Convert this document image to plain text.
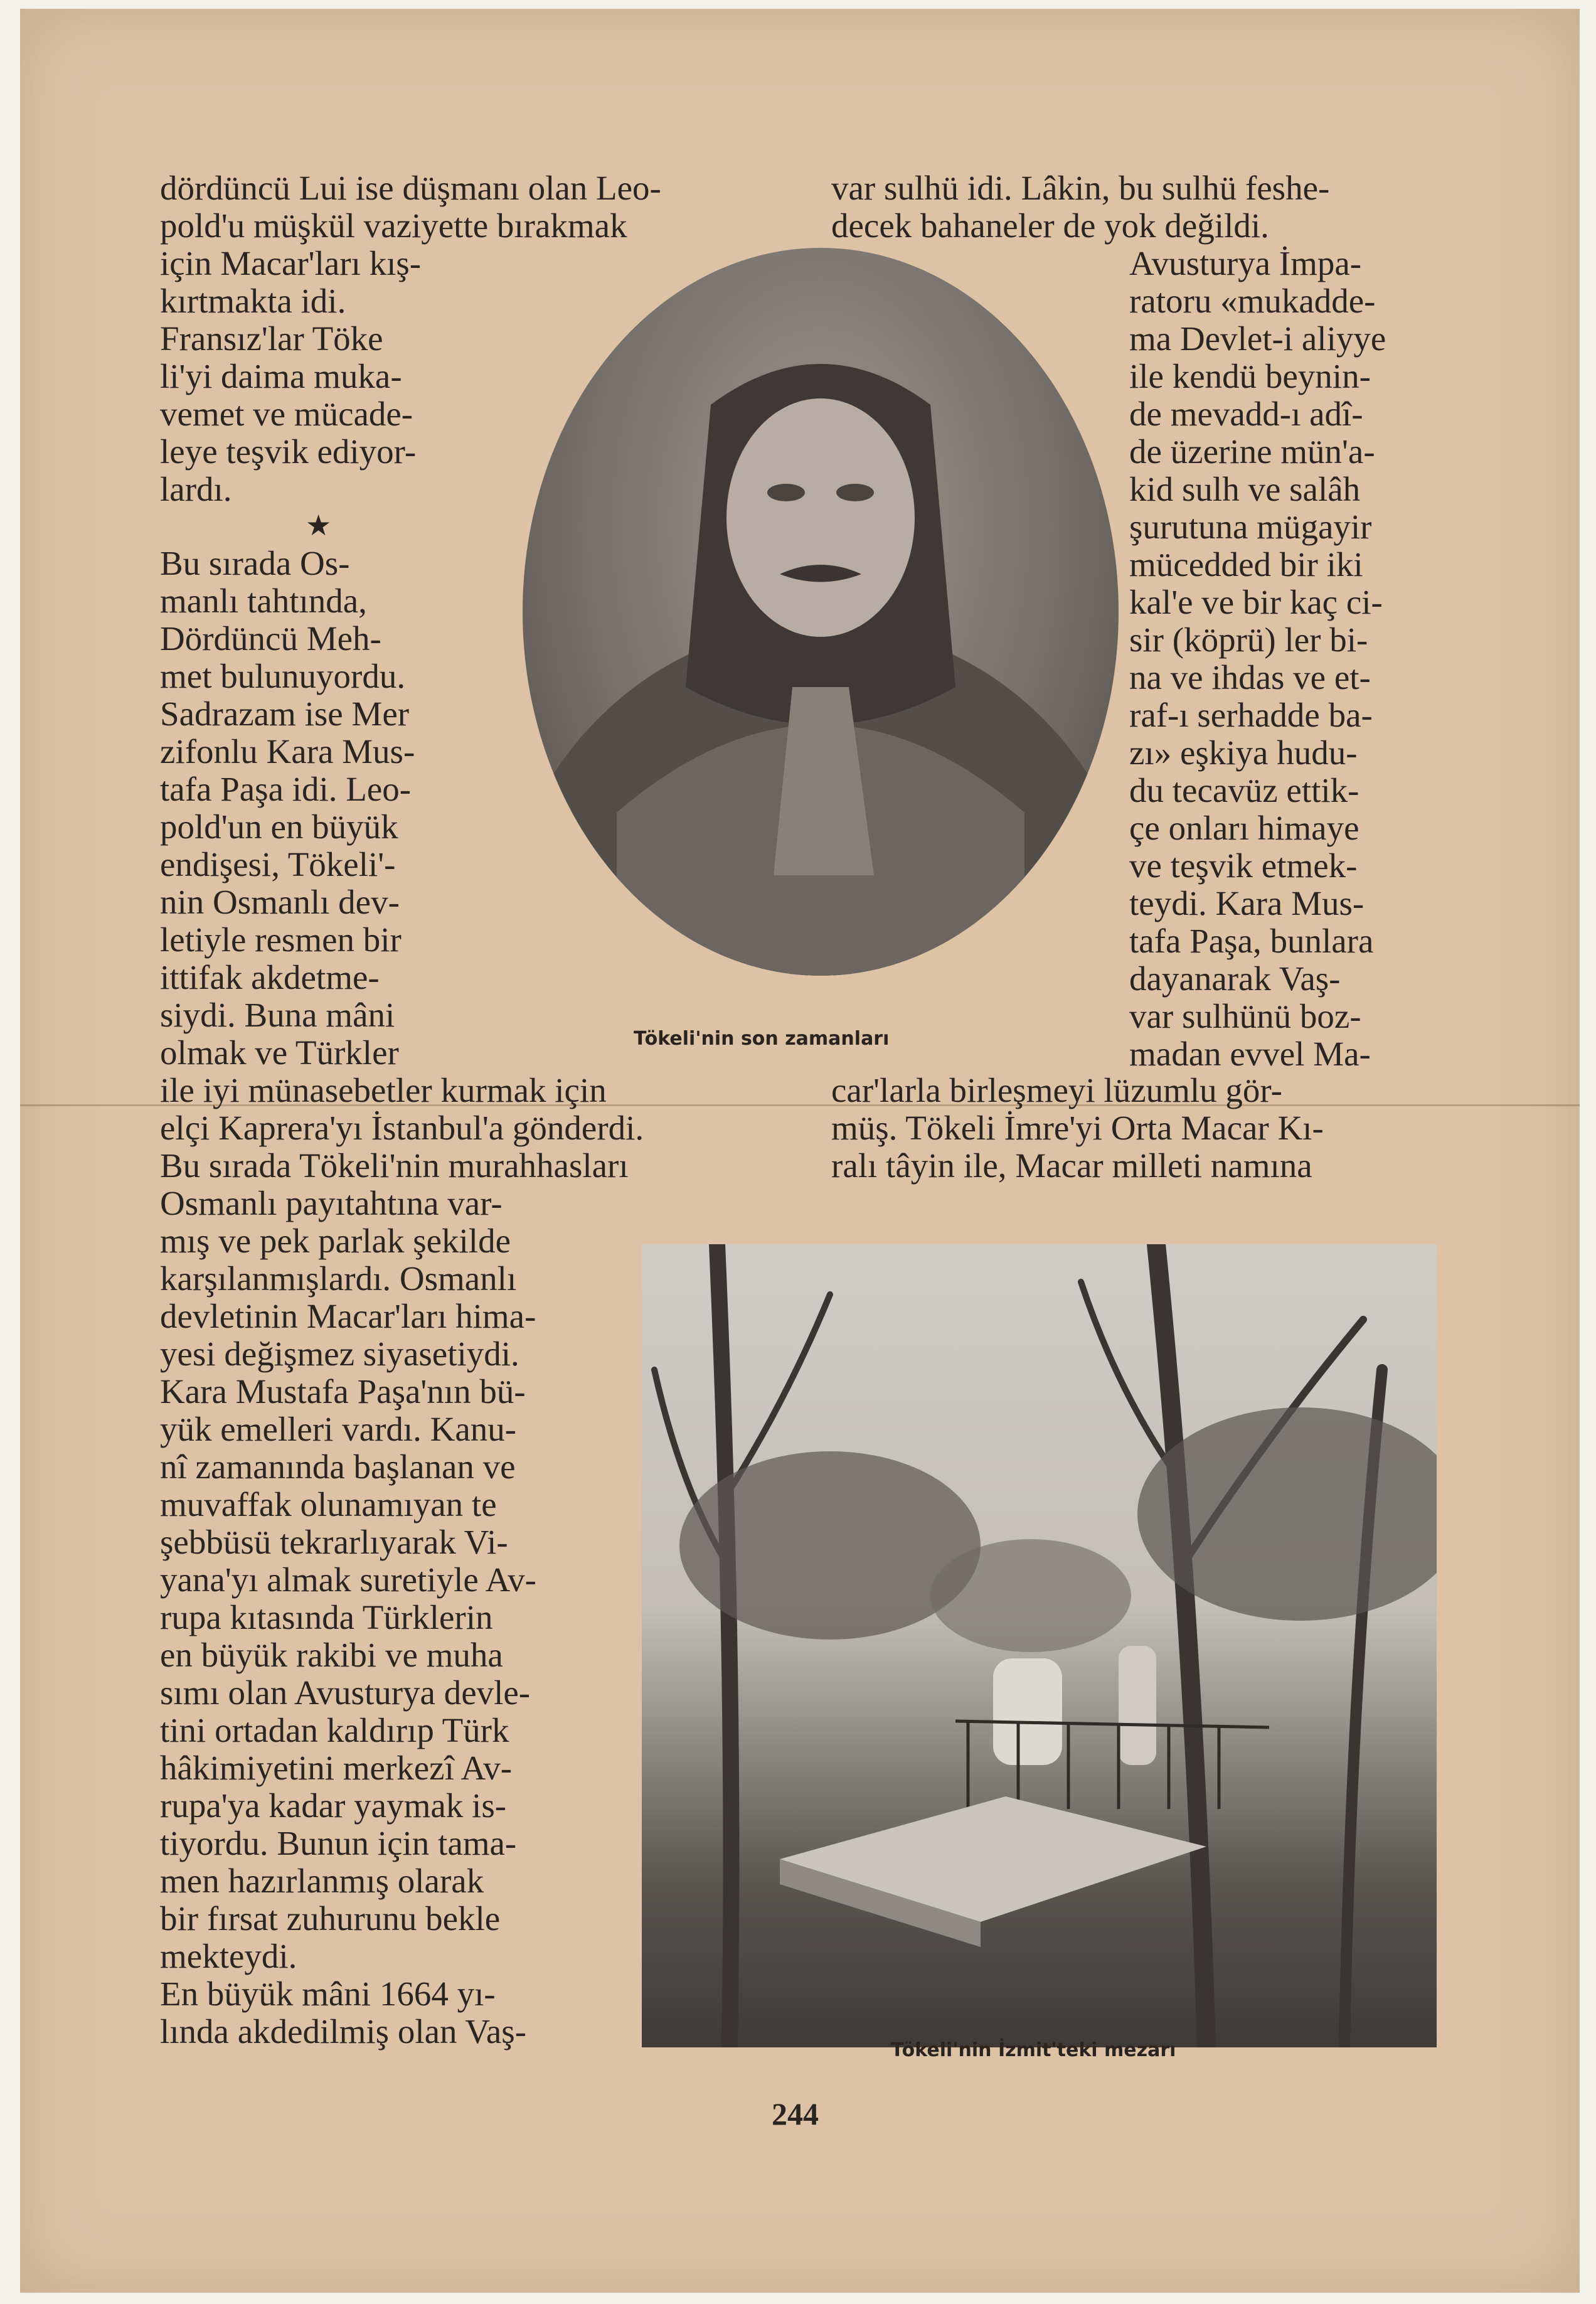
dördüncü Lui ise düşmanı olan Leo-
pold'u müşkül vaziyette bırakmak
için Macar'ları kış-
kırtmakta idi.
Fransız'lar Töke
li'yi daima muka-
vemet ve mücade-
leye teşvik ediyor-
lardı.
★
Bu sırada Os-
manlı tahtında,
Dördüncü Meh-
met bulunuyordu.
Sadrazam ise Mer
zifonlu Kara Mus-
tafa Paşa idi. Leo-
pold'un en büyük
endişesi, Tökeli'-
nin Osmanlı dev-
letiyle resmen bir
ittifak akdetme-
siydi. Buna mâni
olmak ve Türkler
ile iyi münasebetler kurmak için
elçi Kaprera'yı İstanbul'a gönderdi.
Bu sırada Tökeli'nin murahhasları
Osmanlı payıtahtına var-
mış ve pek parlak şekilde
karşılanmışlardı. Osmanlı
devletinin Macar'ları hima-
yesi değişmez siyasetiydi.
Kara Mustafa Paşa'nın bü-
yük emelleri vardı. Kanu-
nî zamanında başlanan ve
muvaffak olunamıyan te
şebbüsü tekrarlıyarak Vi-
yana'yı almak suretiyle Av-
rupa kıtasında Türklerin
en büyük rakibi ve muha
sımı olan Avusturya devle-
tini ortadan kaldırıp Türk
hâkimiyetini merkezî Av-
rupa'ya kadar yaymak is-
tiyordu. Bunun için tama-
men hazırlanmış olarak
bir fırsat zuhurunu bekle
mekteydi.
En büyük mâni 1664 yı-
lında akdedilmiş olan Vaş-
var sulhü idi. Lâkin, bu sulhü feshe-
decek bahaneler de yok değildi.
Avusturya İmpa-
ratoru «mukadde-
ma Devlet-i aliyye
ile kendü beynin-
de mevadd-ı adî-
de üzerine mün'a-
kid sulh ve salâh
şurutuna mügayir
mücedded bir iki
kal'e ve bir kaç ci-
sir (köprü) ler bi-
na ve ihdas ve et-
raf-ı serhadde ba-
zı» eşkiya hudu-
du tecavüz ettik-
çe onları himaye
ve teşvik etmek-
teydi. Kara Mus-
tafa Paşa, bunlara
dayanarak Vaş-
var sulhünü boz-
madan evvel Ma-
car'larla birleşmeyi lüzumlu gör-
müş. Tökeli İmre'yi Orta Macar Kı-
ralı tâyin ile, Macar milleti namına
Tökeli'nin son zamanları
Tökeli'nin İzmit'teki mezarı
244
